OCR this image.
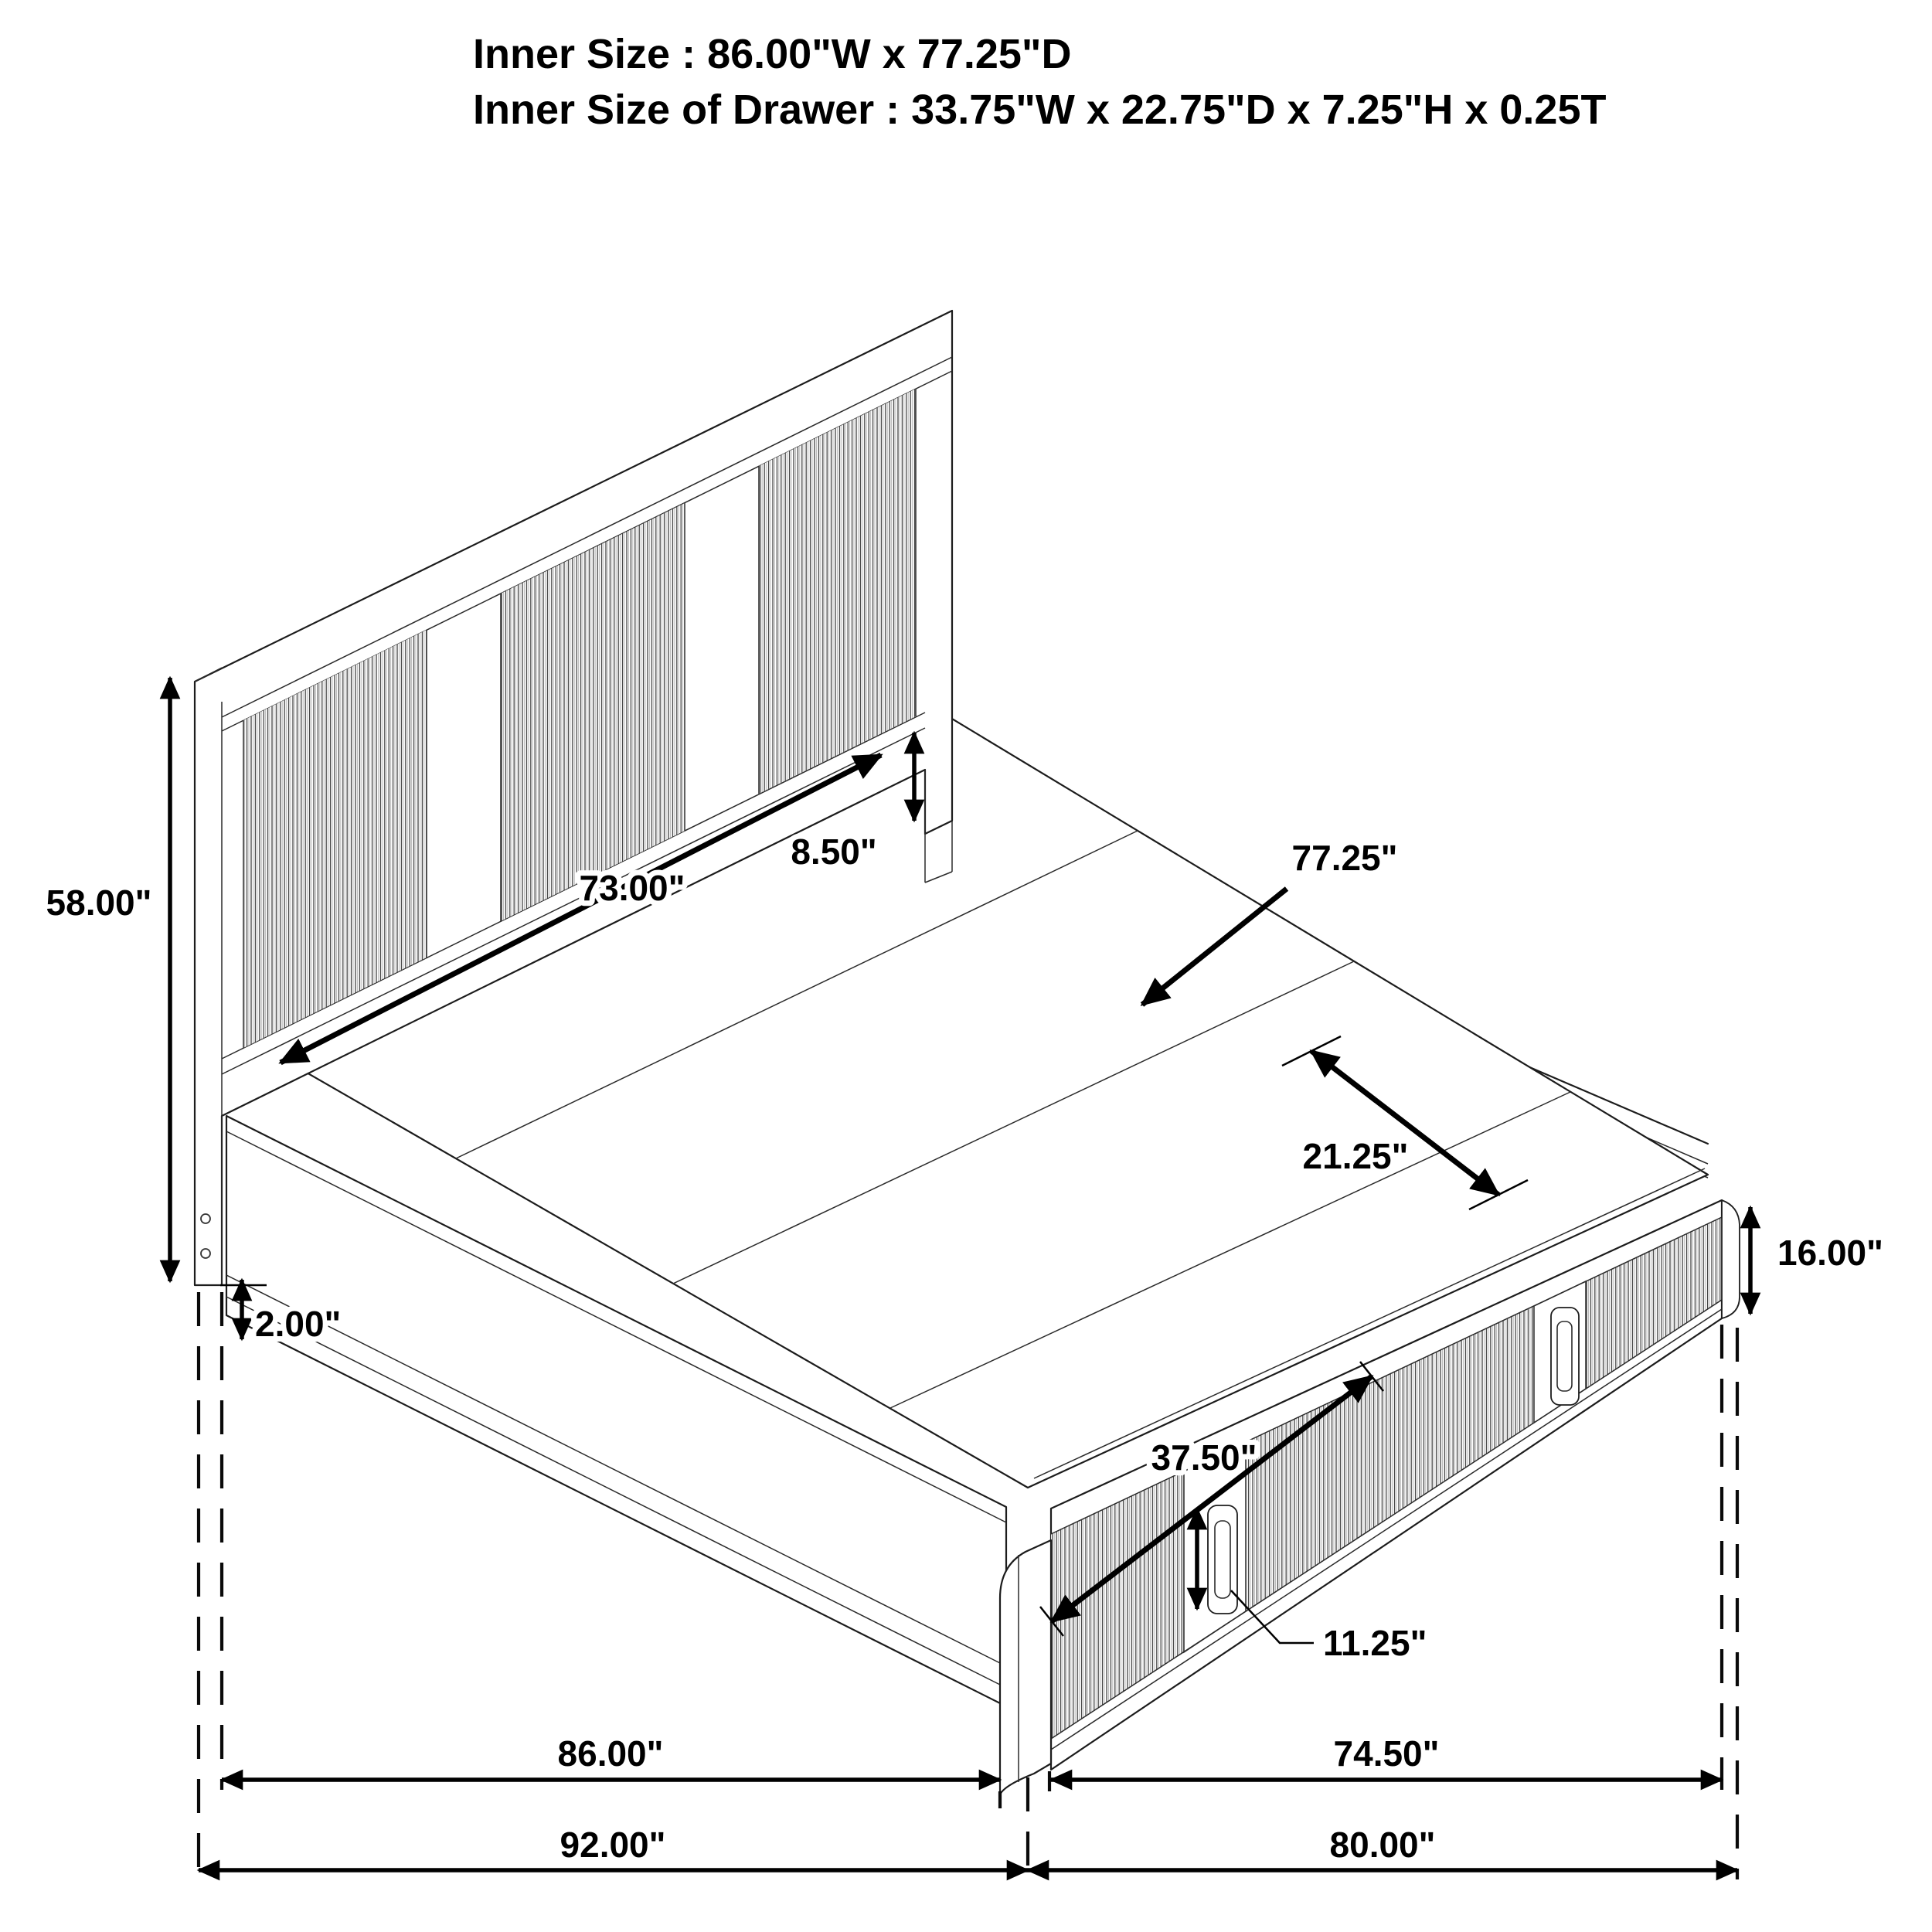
Inner Size : 86.00"W x 77.25"D
Inner Size of Drawer : 33.75"W x 22.75"D x 7.25"H x 0.25T
58.00"	73.00"
8.50"	77.25"
21.25"
2.00"
16.00"
37.50"
11.25"
86.00"	74.50"
92.00"	80.00"
